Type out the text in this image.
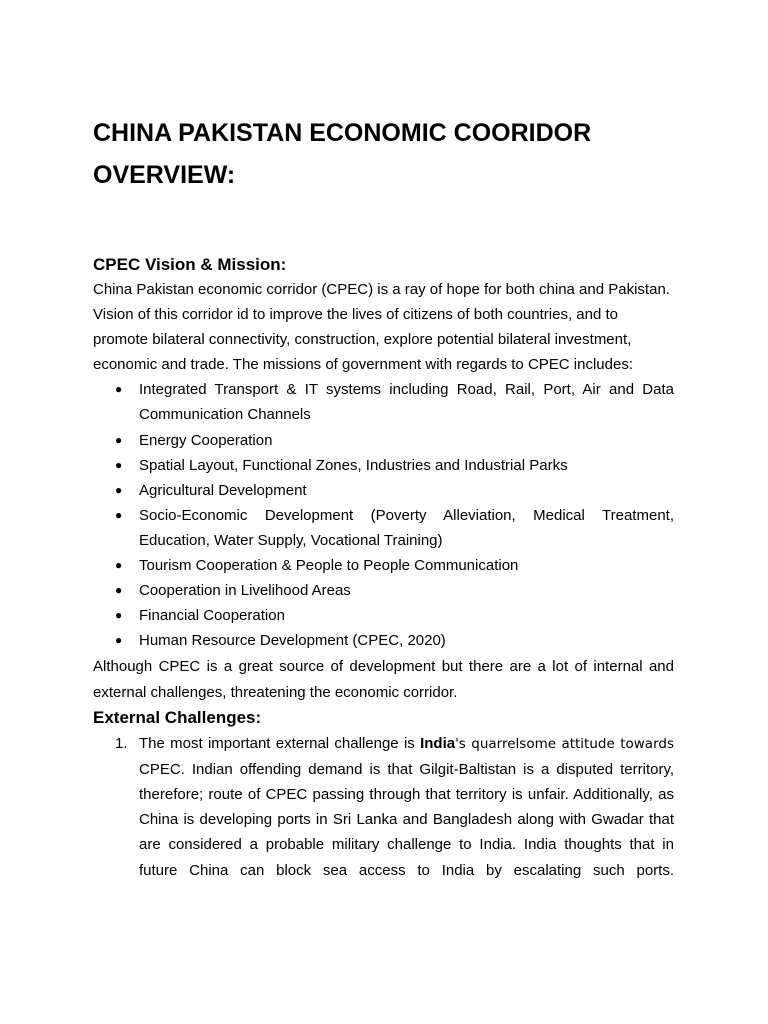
CHINA PAKISTAN ECONOMIC COORIDOR
OVERVIEW:
CPEC Vision & Mission:

China Pakistan economic corridor (CPEC) is a ray of hope for both china and Pakistan. Vision of this corridor id to improve the lives of citizens of both countries, and to promote bilateral connectivity, construction, explore potential bilateral investment, economic and trade. The missions of government with regards to CPEC includes:

● Integrated Transport & IT systems including Road, Rail, Port, Air and Data Communication Channels
● Energy Cooperation
● Spatial Layout, Functional Zones, Industries and Industrial Parks
● Agricultural Development
● Socio-Economic Development (Poverty Alleviation, Medical Treatment, Education, Water Supply, Vocational Training)
● Tourism Cooperation & People to People Communication
● Cooperation in Livelihood Areas
● Financial Cooperation
● Human Resource Development (CPEC, 2020)

Although CPEC is a great source of development but there are a lot of internal and external challenges, threatening the economic corridor.

External Challenges:
1. The most important external challenge is India's quarrelsome attitude towards CPEC. Indian offending demand is that Gilgit-Baltistan is a disputed territory, therefore; route of CPEC passing through that territory is unfair. Additionally, as China is developing ports in Sri Lanka and Bangladesh along with Gwadar that are considered a probable military challenge to India. India thoughts that in future China can block sea access to India by escalating such ports.
